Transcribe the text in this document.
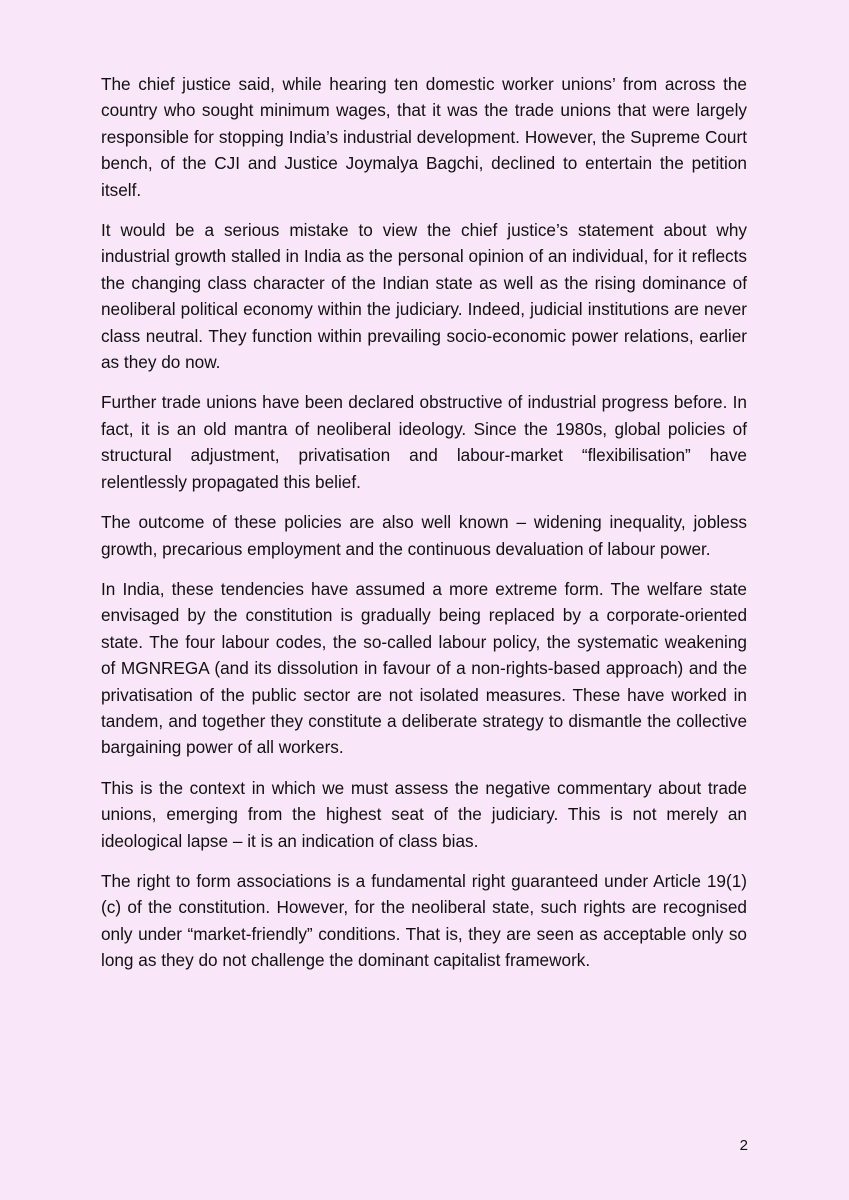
The chief justice said, while hearing ten domestic worker unions’ from across the country who sought minimum wages, that it was the trade unions that were largely responsible for stopping India’s industrial development. However, the Supreme Court bench, of the CJI and Justice Joymalya Bagchi, declined to entertain the petition itself.

It would be a serious mistake to view the chief justice’s statement about why industrial growth stalled in India as the personal opinion of an individual, for it reflects the changing class character of the Indian state as well as the rising dominance of neoliberal political economy within the judiciary. Indeed, judicial institutions are never class neutral. They function within prevailing socio-economic power relations, earlier as they do now.

Further trade unions have been declared obstructive of industrial progress before. In fact, it is an old mantra of neoliberal ideology. Since the 1980s, global policies of structural adjustment, privatisation and labour-market “flexibilisation” have relentlessly propagated this belief.

The outcome of these policies are also well known – widening inequality, jobless growth, precarious employment and the continuous devaluation of labour power.

In India, these tendencies have assumed a more extreme form. The welfare state envisaged by the constitution is gradually being replaced by a corporate-oriented state. The four labour codes, the so-called labour policy, the systematic weakening of MGNREGA (and its dissolution in favour of a non-rights-based approach) and the privatisation of the public sector are not isolated measures. These have worked in tandem, and together they constitute a deliberate strategy to dismantle the collective bargaining power of all workers.

This is the context in which we must assess the negative commentary about trade unions, emerging from the highest seat of the judiciary. This is not merely an ideological lapse – it is an indication of class bias.

The right to form associations is a fundamental right guaranteed under Article 19(1)(c) of the constitution. However, for the neoliberal state, such rights are recognised only under “market-friendly” conditions. That is, they are seen as acceptable only so long as they do not challenge the dominant capitalist framework.

2
